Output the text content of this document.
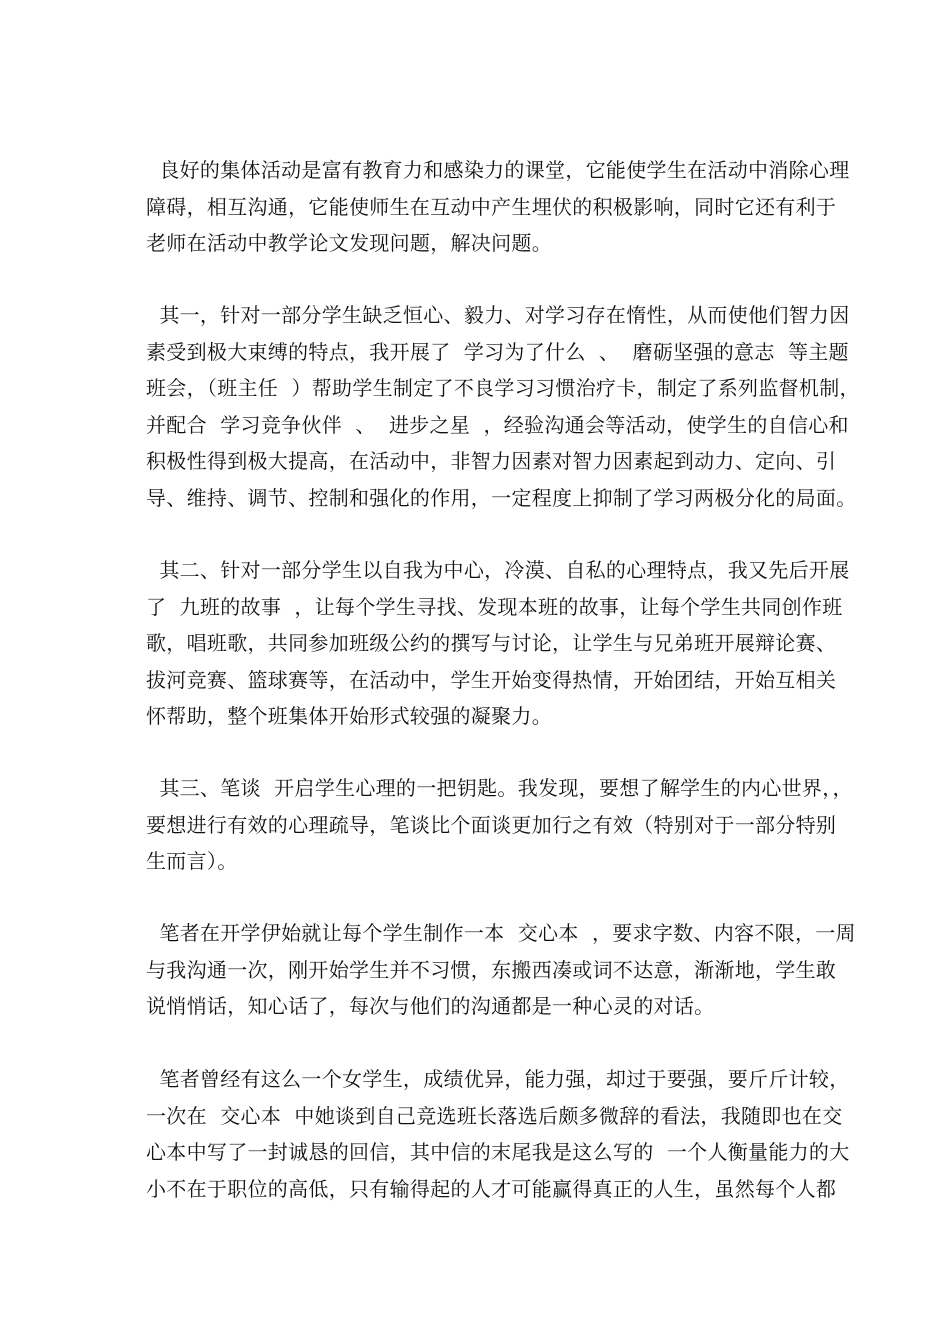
良好的集体活动是富有教育力和感染力的课堂，它能使学生在活动中消除心理
障碍，相互沟通，它能使师生在互动中产生埋伏的积极影响，同时它还有利于
老师在活动中教学论文发现问题，解决问题。
其一，针对一部分学生缺乏恒心、毅力、对学习存在惰性，从而使他们智力因
素受到极大束缚的特点，我开展了  学习为了什么  、  磨砺坚强的意志  等主题
班会，（班主任  ）帮助学生制定了不良学习习惯治疗卡，制定了系列监督机制，
并配合  学习竞争伙伴  、  进步之星  ，经验沟通会等活动，使学生的自信心和
积极性得到极大提高，在活动中，非智力因素对智力因素起到动力、定向、引
导、维持、调节、控制和强化的作用，一定程度上抑制了学习两极分化的局面。
其二、针对一部分学生以自我为中心，冷漠、自私的心理特点，我又先后开展
了  九班的故事  ，让每个学生寻找、发现本班的故事，让每个学生共同创作班
歌，唱班歌，共同参加班级公约的撰写与讨论，让学生与兄弟班开展辩论赛、
拔河竞赛、篮球赛等，在活动中，学生开始变得热情，开始团结，开始互相关
怀帮助，整个班集体开始形式较强的凝聚力。
其三、笔谈  开启学生心理的一把钥匙。我发现，要想了解学生的内心世界，，
要想进行有效的心理疏导，笔谈比个面谈更加行之有效（特别对于一部分特别
生而言）。
笔者在开学伊始就让每个学生制作一本  交心本  ，要求字数、内容不限，一周
与我沟通一次，刚开始学生并不习惯，东搬西凑或词不达意，渐渐地，学生敢
说悄悄话，知心话了，每次与他们的沟通都是一种心灵的对话。
笔者曾经有这么一个女学生，成绩优异，能力强，却过于要强，要斤斤计较，
一次在  交心本  中她谈到自己竞选班长落选后颇多微辞的看法，我随即也在交
心本中写了一封诚恳的回信，其中信的末尾我是这么写的  一个人衡量能力的大
小不在于职位的高低，只有输得起的人才可能赢得真正的人生，虽然每个人都
